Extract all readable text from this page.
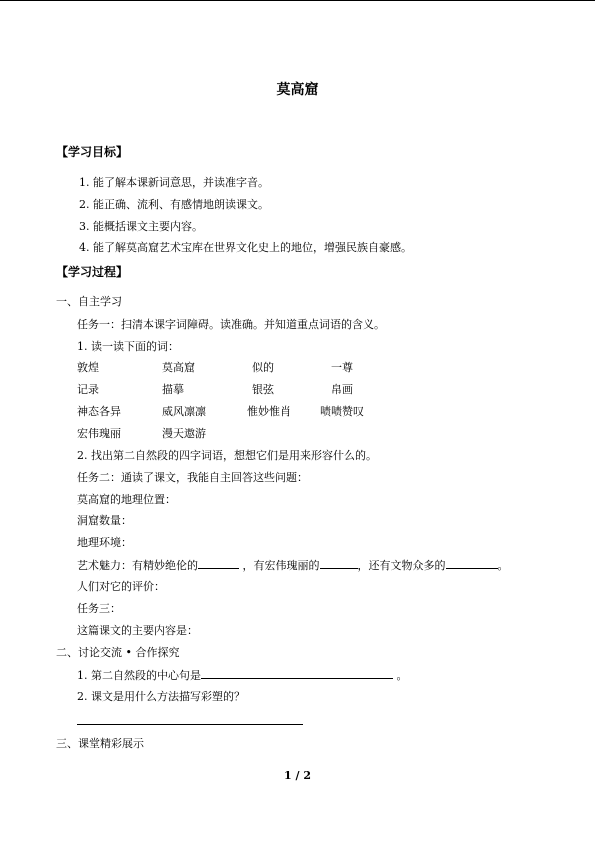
莫高窟
【学习目标】
1. 能了解本课新词意思，并读准字音。
2. 能正确、流利、有感情地朗读课文。
3. 能概括课文主要内容。
4. 能了解莫高窟艺术宝库在世界文化史上的地位，增强民族自豪感。
【学习过程】
一、自主学习
任务一：扫清本课字词障碍。读准确。并知道重点词语的含义。
1. 读一读下面的词：
敦煌	莫高窟	似的	一尊
记录	描摹	银弦	帛画
神态各异	威风凛凛	惟妙惟肖	啧啧赞叹
宏伟瑰丽	漫天遨游
2. 找出第二自然段的四字词语，想想它们是用来形容什么的。
任务二：通读了课文，我能自主回答这些问题：
莫高窟的地理位置：
洞窟数量：
地理环境：
艺术魅力：有精妙绝伦的	，有宏伟瑰丽的	，还有文物众多的	。
人们对它的评价：
任务三：
这篇课文的主要内容是：
二、讨论交流 • 合作探究
1. 第二自然段的中心句是	。
2. 课文是用什么方法描写彩塑的？
三、课堂精彩展示
1 / 2
